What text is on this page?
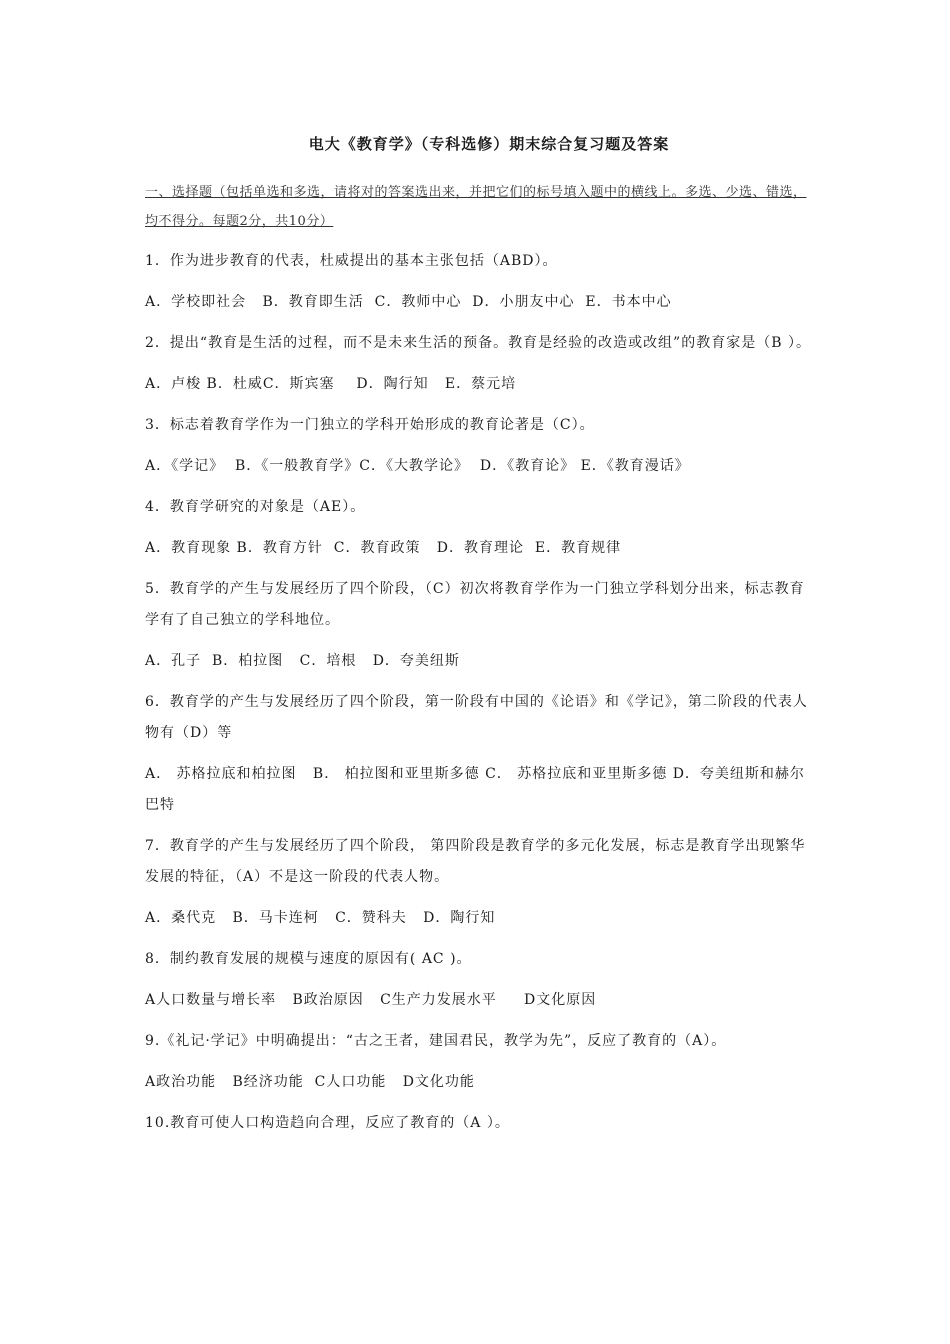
电大《教育学》（专科选修）期末综合复习题及答案
一、选择题（包括单选和多选，请将对的答案选出来，并把它们的标号填入题中的横线上。多选、少选、错选，均不得分。每题2分，共10分）
1．作为进步教育的代表，杜威提出的基本主张包括（ABD）。
A．学校即社会   B．教育即生活  C．教师中心  D．小朋友中心  E．书本中心
2．提出“教育是生活的过程，而不是未来生活的预备。教育是经验的改造或改组”的教育家是（B ）。
A．卢梭 B．杜威C．斯宾塞    D．陶行知   E．蔡元培
3．标志着教育学作为一门独立的学科开始形成的教育论著是（C）。
A．《学记》  B．《一般教育学》C．《大教学论》  D．《教育论》 E．《教育漫话》
4．教育学研究的对象是（AE）。
A．教育现象 B．教育方针  C．教育政策   D．教育理论  E．教育规律
5．教育学的产生与发展经历了四个阶段，（C）初次将教育学作为一门独立学科划分出来，标志教育学有了自己独立的学科地位。
A．孔子  B．柏拉图   C．培根   D．夸美纽斯
6．教育学的产生与发展经历了四个阶段，第一阶段有中国的《论语》和《学记》，第二阶段的代表人物有（D）等
A． 苏格拉底和柏拉图   B． 柏拉图和亚里斯多德 C． 苏格拉底和亚里斯多德 D．夸美纽斯和赫尔巴特
7．教育学的产生与发展经历了四个阶段， 第四阶段是教育学的多元化发展，标志是教育学出现繁华发展的特征，（A）不是这一阶段的代表人物。
A．桑代克   B．马卡连柯   C．赞科夫   D．陶行知
8．制约教育发展的规模与速度的原因有( AC )。
A人口数量与增长率   B政治原因   C生产力发展水平     D文化原因
9.《礼记·学记》中明确提出：“古之王者，建国君民，教学为先”，反应了教育的（A）。
A政治功能   B经济功能  C人口功能   D文化功能
10.教育可使人口构造趋向合理，反应了教育的（A ）。
